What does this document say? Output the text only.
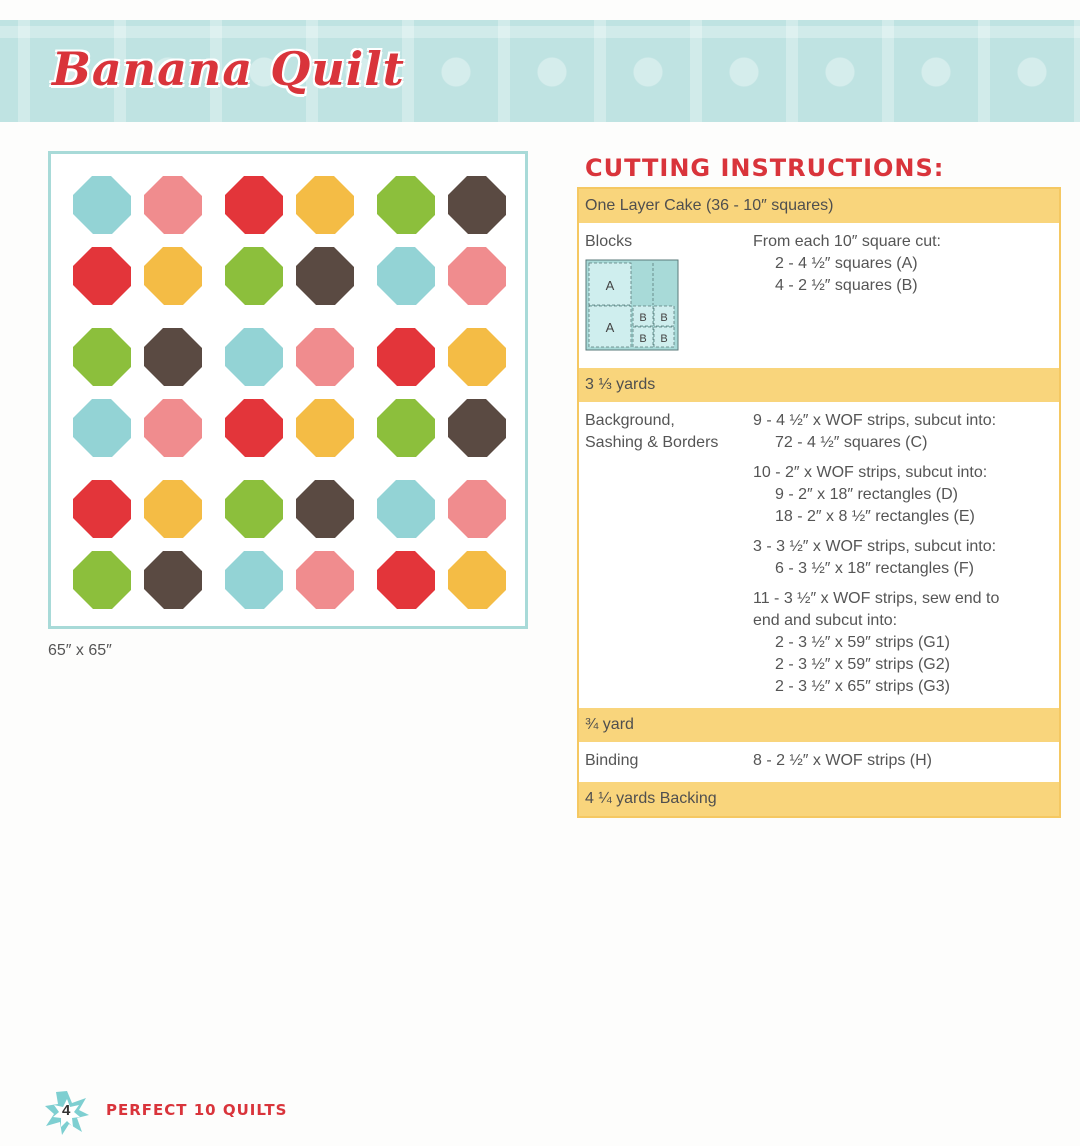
Banana Quilt
65″ x 65″
CUTTING INSTRUCTIONS:
One Layer Cake (36 - 10″ squares)
Blocks
A
A
B B
B B
From each 10″ square cut:
2 - 4 ½″ squares (A)
4 - 2 ½″ squares (B)
3 ⅓ yards
Background,
Sashing & Borders
9 - 4 ½″ x WOF strips, subcut into:
72 - 4 ½″ squares (C)
10 - 2″ x WOF strips, subcut into:
9 - 2″ x 18″ rectangles (D)
18 - 2″ x 8 ½″ rectangles (E)
3 - 3 ½″ x WOF strips, subcut into:
6 - 3 ½″ x 18″ rectangles (F)
11 - 3 ½″ x WOF strips, sew end to
end and subcut into:
2 - 3 ½″ x 59″ strips (G1)
2 - 3 ½″ x 59″ strips (G2)
2 - 3 ½″ x 65″ strips (G3)
¾ yard
Binding	8 - 2 ½″ x WOF strips (H)
4 ¼ yards Backing
4 PERFECT 10 QUILTS
